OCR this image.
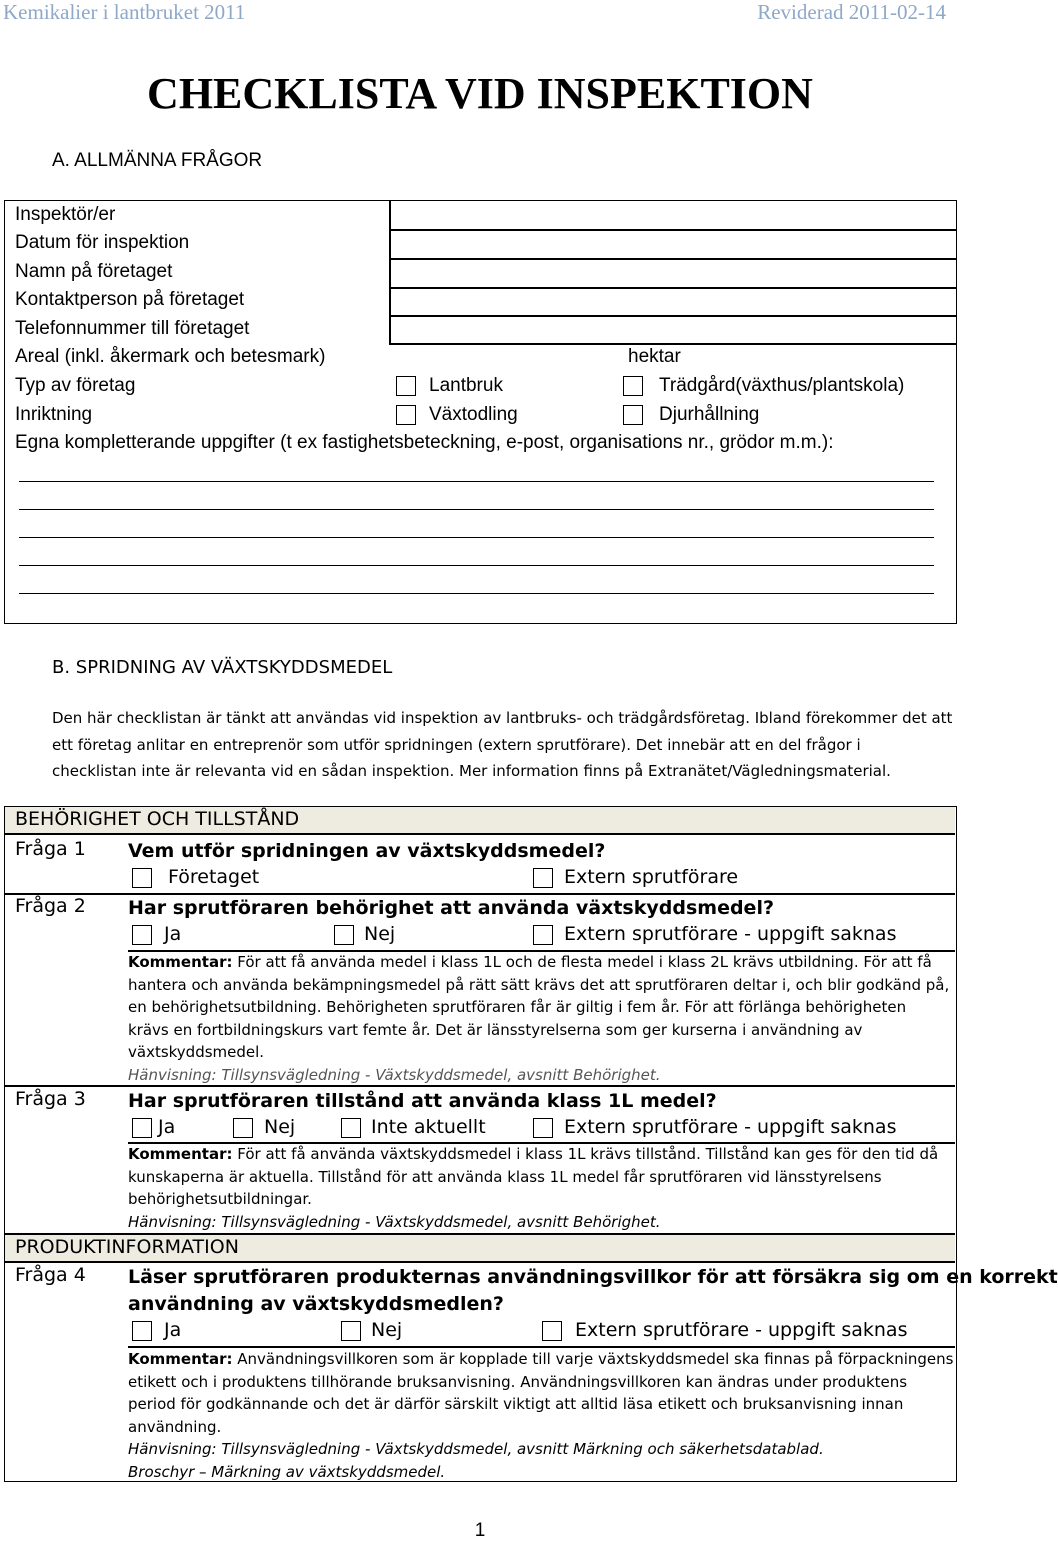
Kemikalier i lantbruket 2011	Reviderad 2011-02-14
CHECKLISTA VID INSPEKTION
A. ALLMÄNNA FRÅGOR
Inspektör/er
Datum för inspektion
Namn på företaget
Kontaktperson på företaget
Telefonnummer till företaget
Areal (inkl. åkermark och betesmark)	hektar
Typ av företag	Lantbruk	Trädgård(växthus/plantskola)
Inriktning	Växtodling	Djurhållning
Egna kompletterande uppgifter (t ex fastighetsbeteckning, e-post, organisations nr., grödor m.m.):
B. SPRIDNING AV VÄXTSKYDDSMEDEL
Den här checklistan är tänkt att användas vid inspektion av lantbruks- och trädgårdsföretag. Ibland förekommer det att
ett företag anlitar en entreprenör som utför spridningen (extern sprutförare). Det innebär att en del frågor i
checklistan inte är relevanta vid en sådan inspektion. Mer information finns på Extranätet/Vägledningsmaterial.
BEHÖRIGHET OCH TILLSTÅND
Fråga 1 Vem utför spridningen av växtskyddsmedel?
Företaget	Extern sprutförare
Fråga 2 Har sprutföraren behörighet att använda växtskyddsmedel?
Ja	Nej	Extern sprutförare - uppgift saknas
Kommentar: För att få använda medel i klass 1L och de flesta medel i klass 2L krävs utbildning. För att få
hantera och använda bekämpningsmedel på rätt sätt krävs det att sprutföraren deltar i, och blir godkänd på,
en behörighetsutbildning. Behörigheten sprutföraren får är giltig i fem år. För att förlänga behörigheten
krävs en fortbildningskurs vart femte år. Det är länsstyrelserna som ger kurserna i användning av
växtskyddsmedel.
Hänvisning: Tillsynsvägledning - Växtskyddsmedel, avsnitt Behörighet.
Fråga 3 Har sprutföraren tillstånd att använda klass 1L medel?
Ja	Nej	Inte aktuellt	Extern sprutförare - uppgift saknas
Kommentar: För att få använda växtskyddsmedel i klass 1L krävs tillstånd. Tillstånd kan ges för den tid då
kunskaperna är aktuella. Tillstånd för att använda klass 1L medel får sprutföraren vid länsstyrelsens
behörighetsutbildningar.
Hänvisning: Tillsynsvägledning - Växtskyddsmedel, avsnitt Behörighet.
PRODUKTINFORMATION
Fråga 4 Läser sprutföraren produkternas användningsvillkor för att försäkra sig om en korrekt
användning av växtskyddsmedlen?
Ja	Nej	Extern sprutförare - uppgift saknas
Kommentar: Användningsvillkoren som är kopplade till varje växtskyddsmedel ska finnas på förpackningens
etikett och i produktens tillhörande bruksanvisning. Användningsvillkoren kan ändras under produktens
period för godkännande och det är därför särskilt viktigt att alltid läsa etikett och bruksanvisning innan
användning.
Hänvisning: Tillsynsvägledning - Växtskyddsmedel, avsnitt Märkning och säkerhetsdatablad.
Broschyr – Märkning av växtskyddsmedel.
1
